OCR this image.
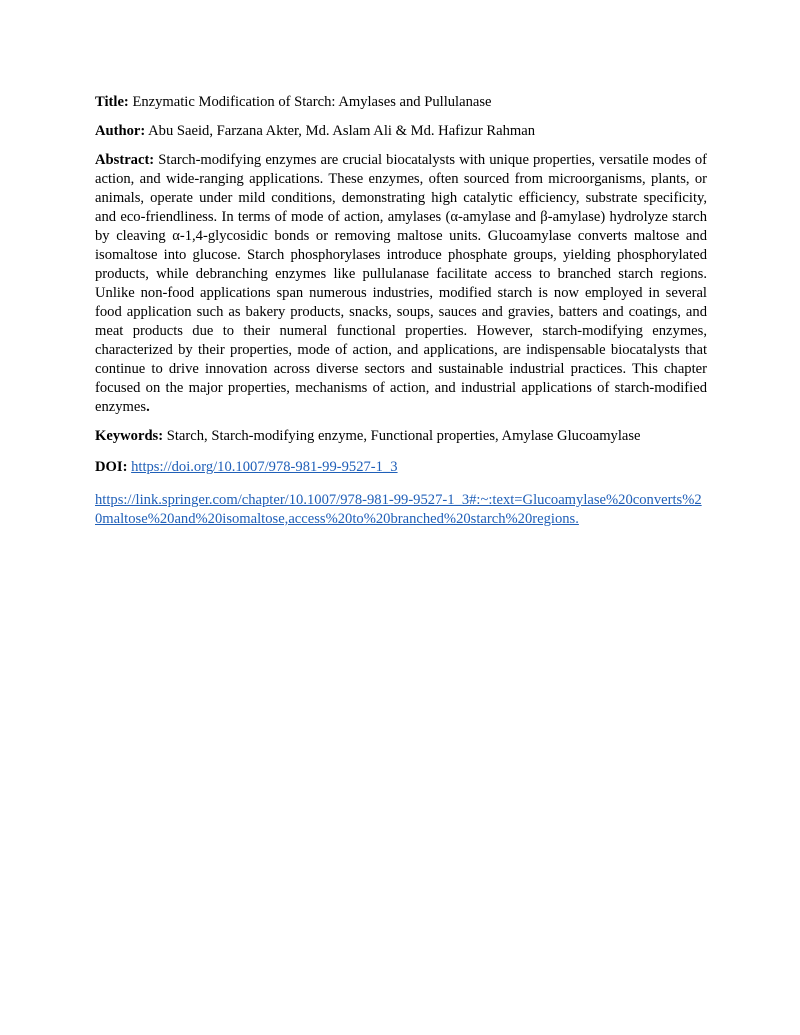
Title: Enzymatic Modification of Starch: Amylases and Pullulanase

Author: Abu Saeid, Farzana Akter, Md. Aslam Ali & Md. Hafizur Rahman

Abstract: Starch-modifying enzymes are crucial biocatalysts with unique properties, versatile modes of action, and wide-ranging applications. These enzymes, often sourced from microorganisms, plants, or animals, operate under mild conditions, demonstrating high catalytic efficiency, substrate specificity, and eco-friendliness. In terms of mode of action, amylases (α-amylase and β-amylase) hydrolyze starch by cleaving α-1,4-glycosidic bonds or removing maltose units. Glucoamylase converts maltose and isomaltose into glucose. Starch phosphorylases introduce phosphate groups, yielding phosphorylated products, while debranching enzymes like pullulanase facilitate access to branched starch regions. Unlike non-food applications span numerous industries, modified starch is now employed in several food application such as bakery products, snacks, soups, sauces and gravies, batters and coatings, and meat products due to their numeral functional properties. However, starch-modifying enzymes, characterized by their properties, mode of action, and applications, are indispensable biocatalysts that continue to drive innovation across diverse sectors and sustainable industrial practices. This chapter focused on the major properties, mechanisms of action, and industrial applications of starch-modified enzymes.

Keywords: Starch, Starch-modifying enzyme, Functional properties, Amylase Glucoamylase

DOI: https://doi.org/10.1007/978-981-99-9527-1_3

https://link.springer.com/chapter/10.1007/978-981-99-9527-1_3#:~:text=Glucoamylase%20converts%20maltose%20and%20isomaltose,access%20to%20branched%20starch%20regions.
